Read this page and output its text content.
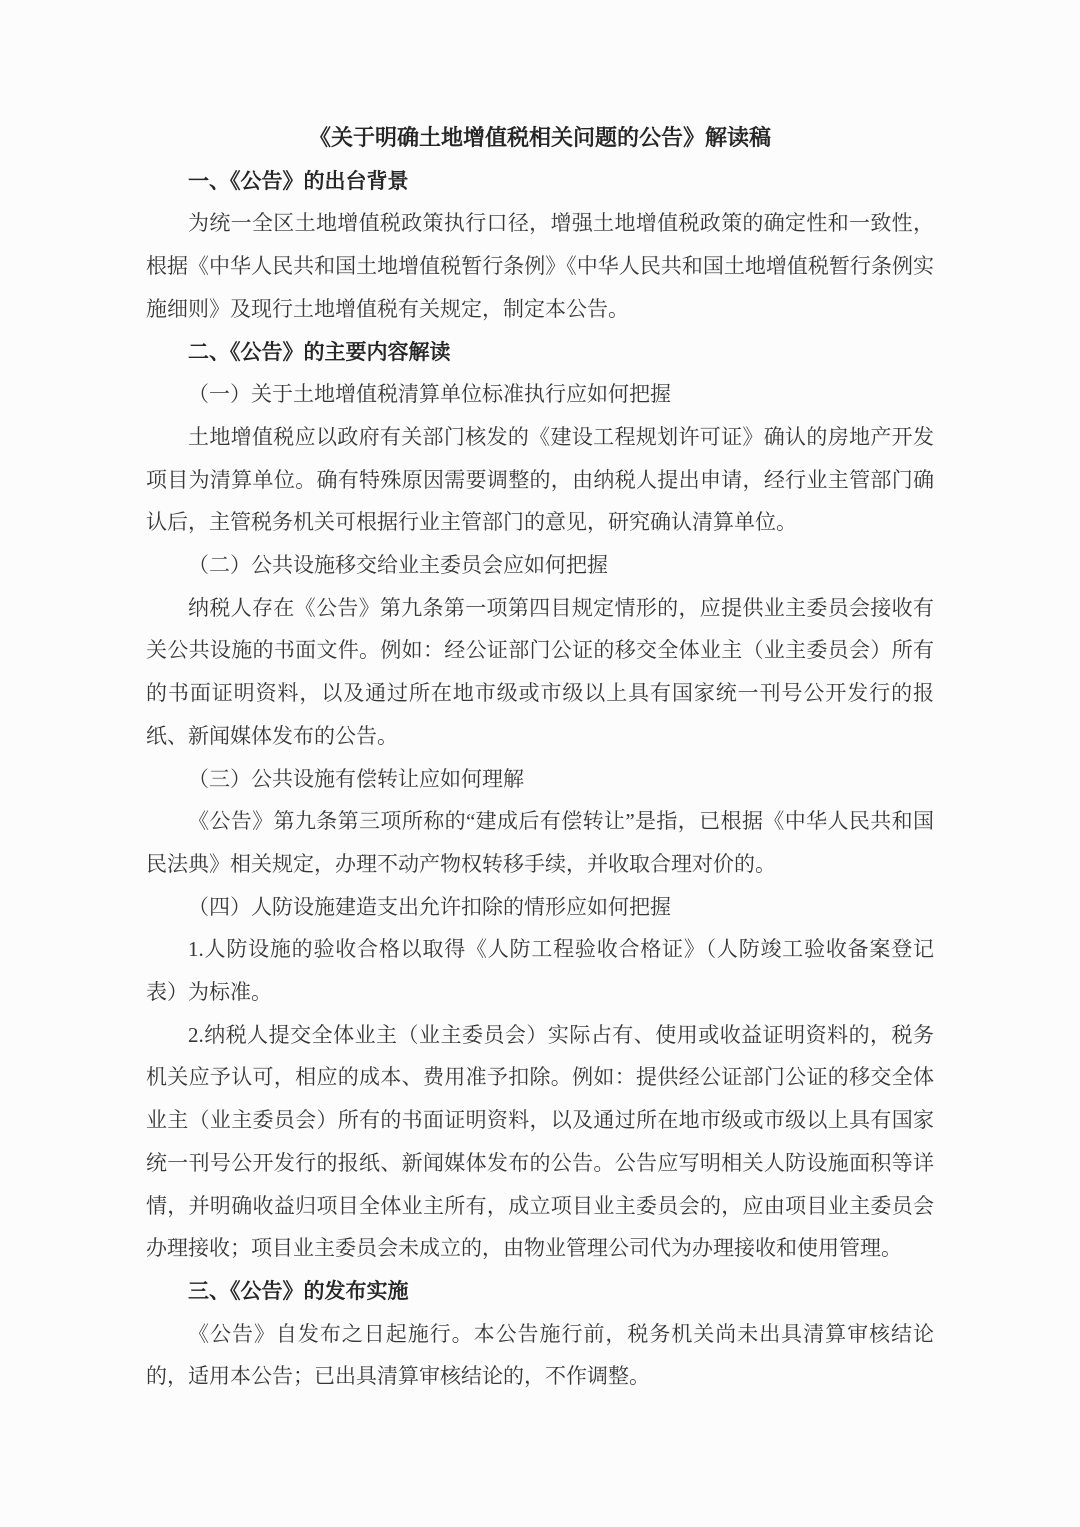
《关于明确土地增值税相关问题的公告》解读稿

一、《公告》的出台背景

为统一全区土地增值税政策执行口径，增强土地增值税政策的确定性和一致性，根据《中华人民共和国土地增值税暂行条例》《中华人民共和国土地增值税暂行条例实施细则》及现行土地增值税有关规定，制定本公告。

二、《公告》的主要内容解读

（一）关于土地增值税清算单位标准执行应如何把握

土地增值税应以政府有关部门核发的《建设工程规划许可证》确认的房地产开发项目为清算单位。确有特殊原因需要调整的，由纳税人提出申请，经行业主管部门确认后，主管税务机关可根据行业主管部门的意见，研究确认清算单位。

（二）公共设施移交给业主委员会应如何把握

纳税人存在《公告》第九条第一项第四目规定情形的，应提供业主委员会接收有关公共设施的书面文件。例如：经公证部门公证的移交全体业主（业主委员会）所有的书面证明资料，以及通过所在地市级或市级以上具有国家统一刊号公开发行的报纸、新闻媒体发布的公告。

（三）公共设施有偿转让应如何理解

《公告》第九条第三项所称的“建成后有偿转让”是指，已根据《中华人民共和国民法典》相关规定，办理不动产物权转移手续，并收取合理对价的。

（四）人防设施建造支出允许扣除的情形应如何把握

1.人防设施的验收合格以取得《人防工程验收合格证》（人防竣工验收备案登记表）为标准。

2.纳税人提交全体业主（业主委员会）实际占有、使用或收益证明资料的，税务机关应予认可，相应的成本、费用准予扣除。例如：提供经公证部门公证的移交全体业主（业主委员会）所有的书面证明资料，以及通过所在地市级或市级以上具有国家统一刊号公开发行的报纸、新闻媒体发布的公告。公告应写明相关人防设施面积等详情，并明确收益归项目全体业主所有，成立项目业主委员会的，应由项目业主委员会办理接收；项目业主委员会未成立的，由物业管理公司代为办理接收和使用管理。

三、《公告》的发布实施

《公告》自发布之日起施行。本公告施行前，税务机关尚未出具清算审核结论的，适用本公告；已出具清算审核结论的，不作调整。
